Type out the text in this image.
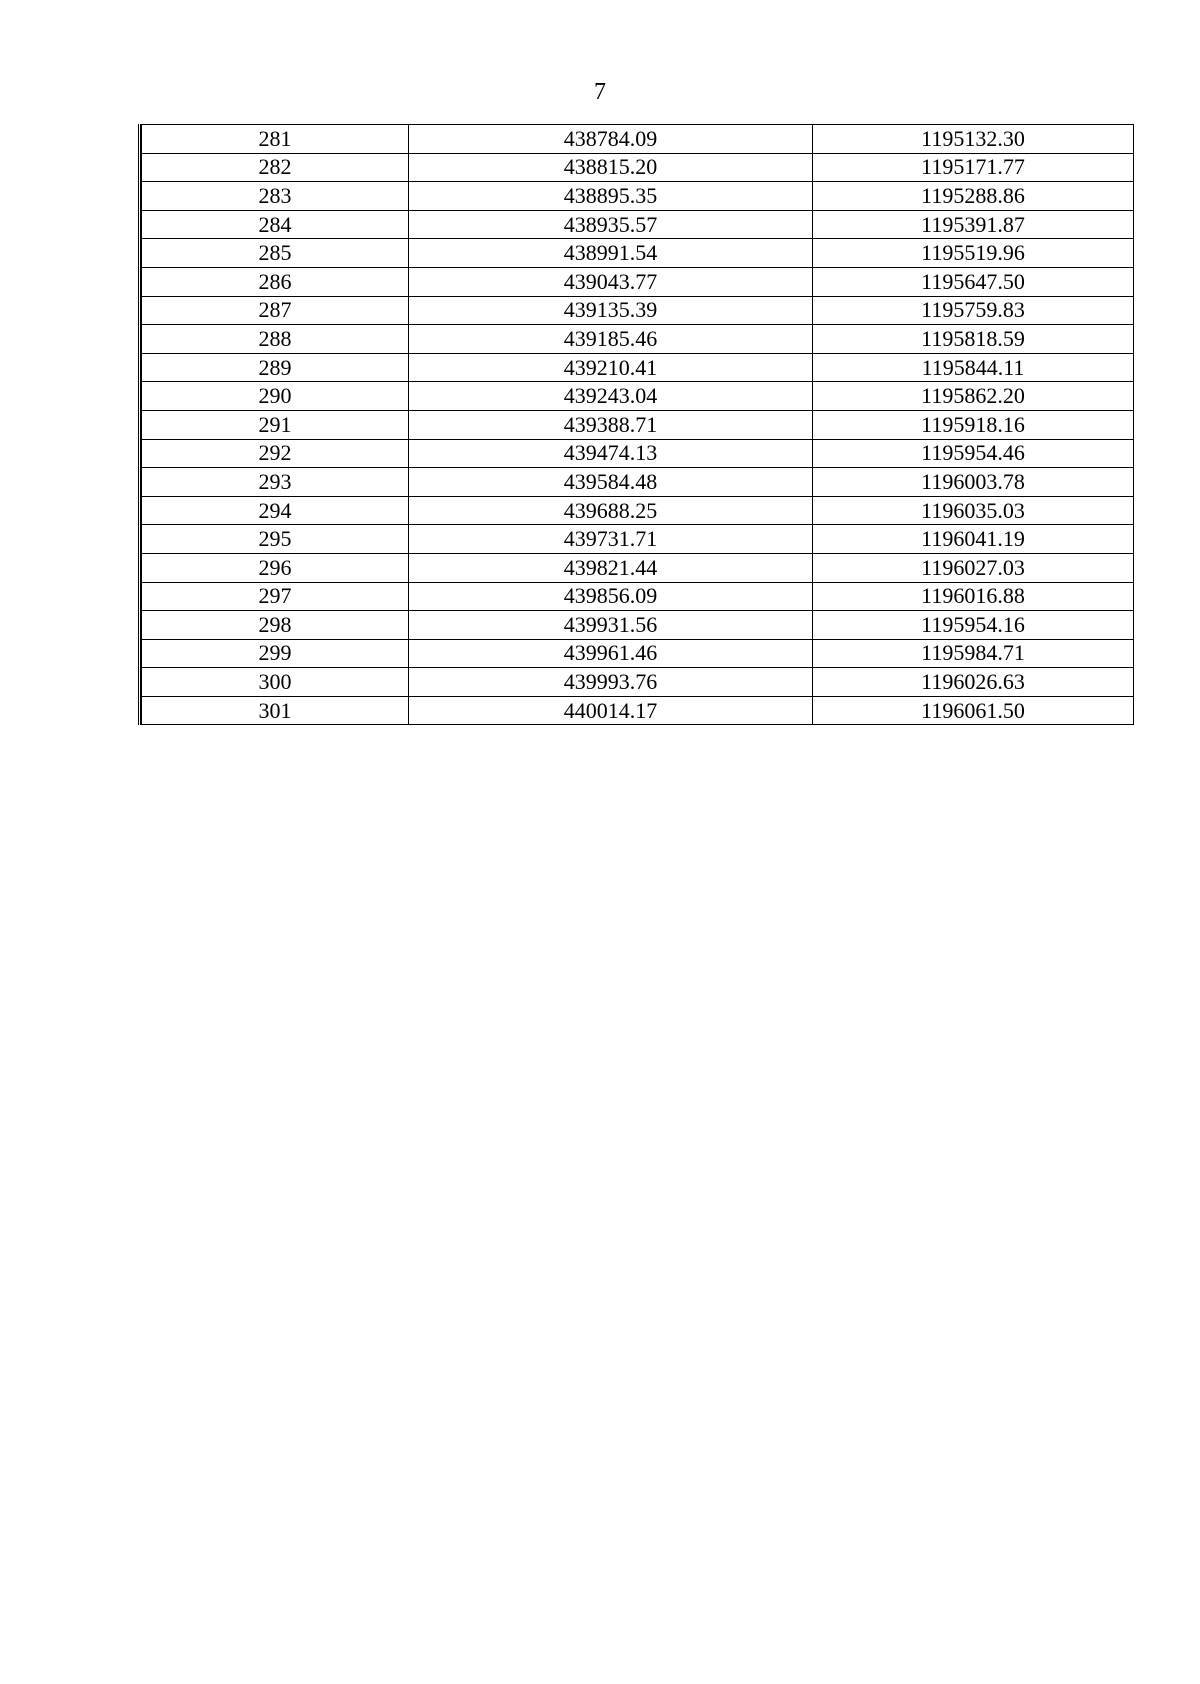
7
281	438784.09	1195132.30
282	438815.20	1195171.77
283	438895.35	1195288.86
284	438935.57	1195391.87
285	438991.54	1195519.96
286	439043.77	1195647.50
287	439135.39	1195759.83
288	439185.46	1195818.59
289	439210.41	1195844.11
290	439243.04	1195862.20
291	439388.71	1195918.16
292	439474.13	1195954.46
293	439584.48	1196003.78
294	439688.25	1196035.03
295	439731.71	1196041.19
296	439821.44	1196027.03
297	439856.09	1196016.88
298	439931.56	1195954.16
299	439961.46	1195984.71
300	439993.76	1196026.63
301	440014.17	1196061.50
